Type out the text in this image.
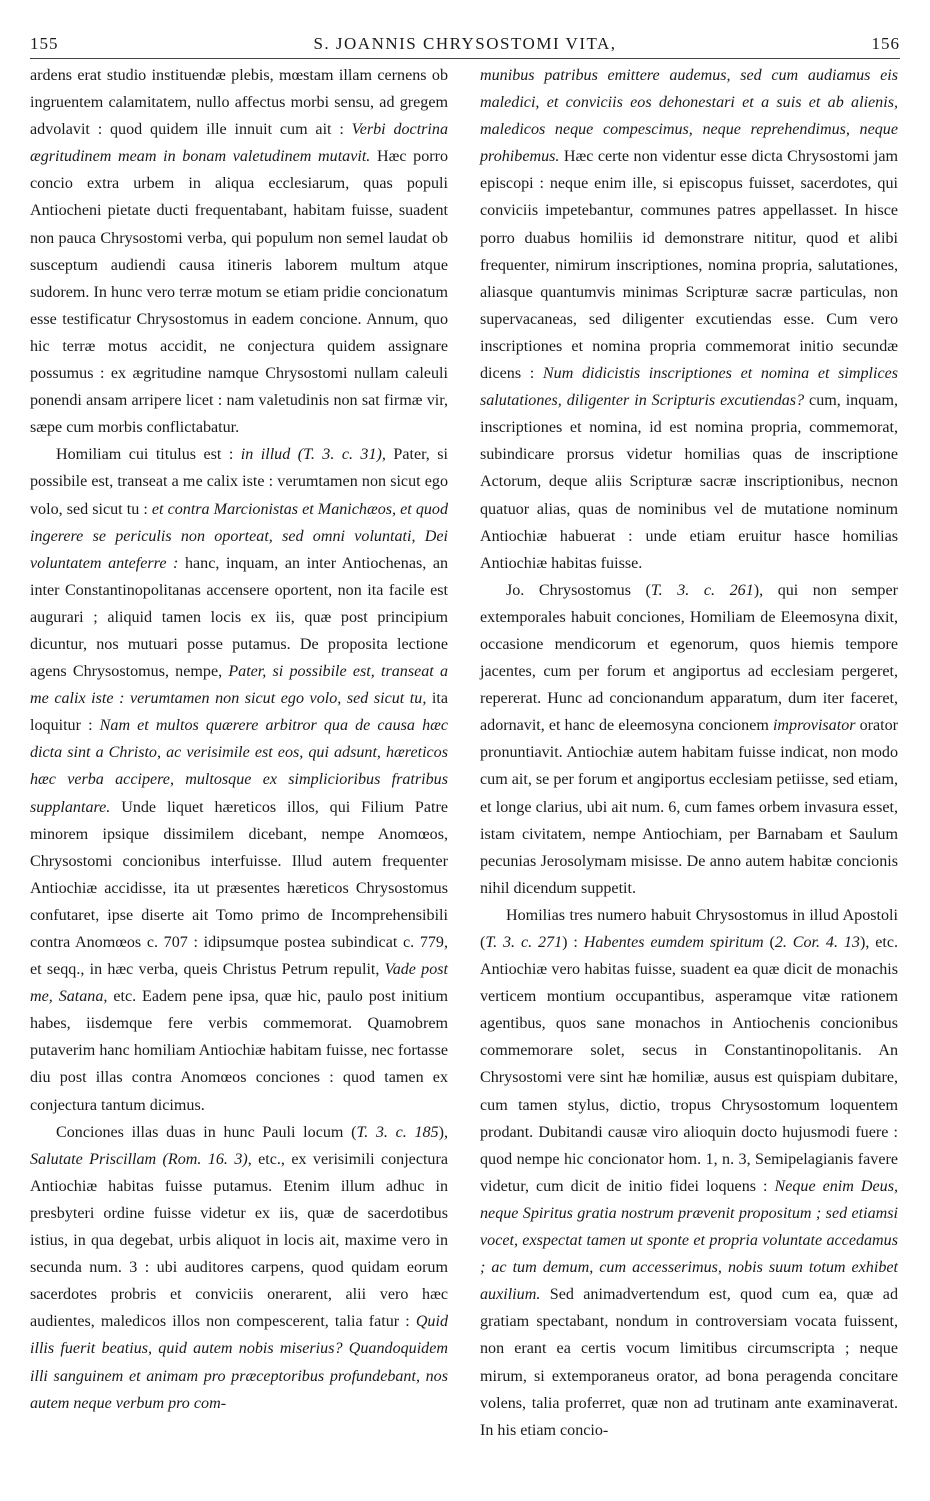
155	S. JOANNIS CHRYSOSTOMI VITA,	156

ardens erat studio instituendæ plebis, mœstam illam cernens ob ingruentem calamitatem, nullo affectus morbi sensu, ad gregem advolavit : quod quidem ille innuit cum ait : Verbi doctrina ægritudinem meam in bonam valetudinem mutavit. Hæc porro concio extra urbem in aliqua ecclesiarum, quas populi Antiocheni pietate ducti frequentabant, habitam fuisse, suadent non pauca Chrysostomi verba, qui populum non semel laudat ob susceptum audiendi causa itineris laborem multum atque sudorem. In hunc vero terræ motum se etiam pridie concionatum esse testificatur Chrysostomus in eadem concione. Annum, quo hic terræ motus accidit, ne conjectura quidem assignare possumus : ex ægritudine namque Chrysostomi nullam caleuli ponendi ansam arripere licet : nam valetudinis non sat firmæ vir, sæpe cum morbis conflictabatur.

Homiliam cui titulus est : in illud (T. 3. c. 31), Pater, si possibile est, transeat a me calix iste : verumtamen non sicut ego volo, sed sicut tu : et contra Marcionistas et Manichæos, et quod ingerere se periculis non oporteat, sed omni voluntati, Dei voluntatem anteferre : hanc, inquam, an inter Antiochenas, an inter Constantinopolitanas accensere oportent, non ita facile est augurari ; aliquid tamen locis ex iis, quæ post principium dicuntur, nos mutuari posse putamus. De proposita lectione agens Chrysostomus, nempe, Pater, si possibile est, transeat a me calix iste : verumtamen non sicut ego volo, sed sicut tu, ita loquitur : Nam et multos quærere arbitror qua de causa hæc dicta sint a Christo, ac verisimile est eos, qui adsunt, hæreticos hæc verba accipere, multosque ex simplicioribus fratribus supplantare. Unde liquet hæreticos illos, qui Filium Patre minorem ipsique dissimilem dicebant, nempe Anomœos, Chrysostomi concionibus interfuisse. Illud autem frequenter Antiochiæ accidisse, ita ut præsentes hæreticos Chrysostomus confutaret, ipse diserte ait Tomo primo de Incomprehensibili contra Anomœos c. 707 : idipsumque postea subindicat c. 779, et seqq., in hæc verba, queis Christus Petrum repulit, Vade post me, Satana, etc. Eadem pene ipsa, quæ hic, paulo post initium habes, iisdemque fere verbis commemorat. Quamobrem putaverim hanc homiliam Antiochiæ habitam fuisse, nec fortasse diu post illas contra Anomœos conciones : quod tamen ex conjectura tantum dicimus.

Conciones illas duas in hunc Pauli locum (T. 3. c. 185), Salutate Priscillam (Rom. 16. 3), etc., ex verisimili conjectura Antiochiæ habitas fuisse putamus. Etenim illum adhuc in presbyteri ordine fuisse videtur ex iis, quæ de sacerdotibus istius, in qua degebat, urbis aliquot in locis ait, maxime vero in secunda num. 3 : ubi auditores carpens, quod quidam eorum sacerdotes probris et conviciis onerarent, alii vero hæc audientes, maledicos illos non compescerent, talia fatur : Quid illis fuerit beatius, quid autem nobis miserius? Quandoquidem illi sanguinem et animam pro præceptoribus profundebant, nos autem neque verbum pro com-

munibus patribus emittere audemus, sed cum audiamus eis maledici, et conviciis eos dehonestari et a suis et ab alienis, maledicos neque compescimus, neque reprehendimus, neque prohibemus. Hæc certe non videntur esse dicta Chrysostomi jam episcopi : neque enim ille, si episcopus fuisset, sacerdotes, qui conviciis impetebantur, communes patres appellasset. In hisce porro duabus homiliis id demonstrare nititur, quod et alibi frequenter, nimirum inscriptiones, nomina propria, salutationes, aliasque quantumvis minimas Scripturæ sacræ particulas, non supervacaneas, sed diligenter excutiendas esse. Cum vero inscriptiones et nomina propria commemorat initio secundæ dicens : Num didicistis inscriptiones et nomina et simplices salutationes, diligenter in Scripturis excutiendas? cum, inquam, inscriptiones et nomina, id est nomina propria, commemorat, subindicare prorsus videtur homilias quas de inscriptione Actorum, deque aliis Scripturæ sacræ inscriptionibus, necnon quatuor alias, quas de nominibus vel de mutatione nominum Antiochiæ habuerat : unde etiam eruitur hasce homilias Antiochiæ habitas fuisse.

Jo. Chrysostomus (T. 3. c. 261), qui non semper extemporales habuit conciones, Homiliam de Eleemosyna dixit, occasione mendicorum et egenorum, quos hiemis tempore jacentes, cum per forum et angiportus ad ecclesiam pergeret, repererat. Hunc ad concionandum apparatum, dum iter faceret, adornavit, et hanc de eleemosyna concionem improvisator orator pronuntiavit. Antiochiæ autem habitam fuisse indicat, non modo cum ait, se per forum et angiportus ecclesiam petiisse, sed etiam, et longe clarius, ubi ait num. 6, cum fames orbem invasura esset, istam civitatem, nempe Antiochiam, per Barnabam et Saulum pecunias Jerosolymam misisse. De anno autem habitæ concionis nihil dicendum suppetit.

Homilias tres numero habuit Chrysostomus in illud Apostoli (T. 3. c. 271) : Habentes eumdem spiritum (2. Cor. 4. 13), etc. Antiochiæ vero habitas fuisse, suadent ea quæ dicit de monachis verticem montium occupantibus, asperamque vitæ rationem agentibus, quos sane monachos in Antiochenis concionibus commemorare solet, secus in Constantinopolitanis. An Chrysostomi vere sint hæ homiliæ, ausus est quispiam dubitare, cum tamen stylus, dictio, tropus Chrysostomum loquentem prodant. Dubitandi causæ viro alioquin docto hujusmodi fuere : quod nempe hic concionator hom. 1, n. 3, Semipelagianis favere videtur, cum dicit de initio fidei loquens : Neque enim Deus, neque Spiritus gratia nostrum prævenit propositum ; sed etiamsi vocet, exspectat tamen ut sponte et propria voluntate accedamus ; ac tum demum, cum accesserimus, nobis suum totum exhibet auxilium. Sed animadvertendum est, quod cum ea, quæ ad gratiam spectabant, nondum in controversiam vocata fuissent, non erant ea certis vocum limitibus circumscripta ; neque mirum, si extemporaneus orator, ad bona peragenda concitare volens, talia proferret, quæ non ad trutinam ante examinaverat. In his etiam concio-
